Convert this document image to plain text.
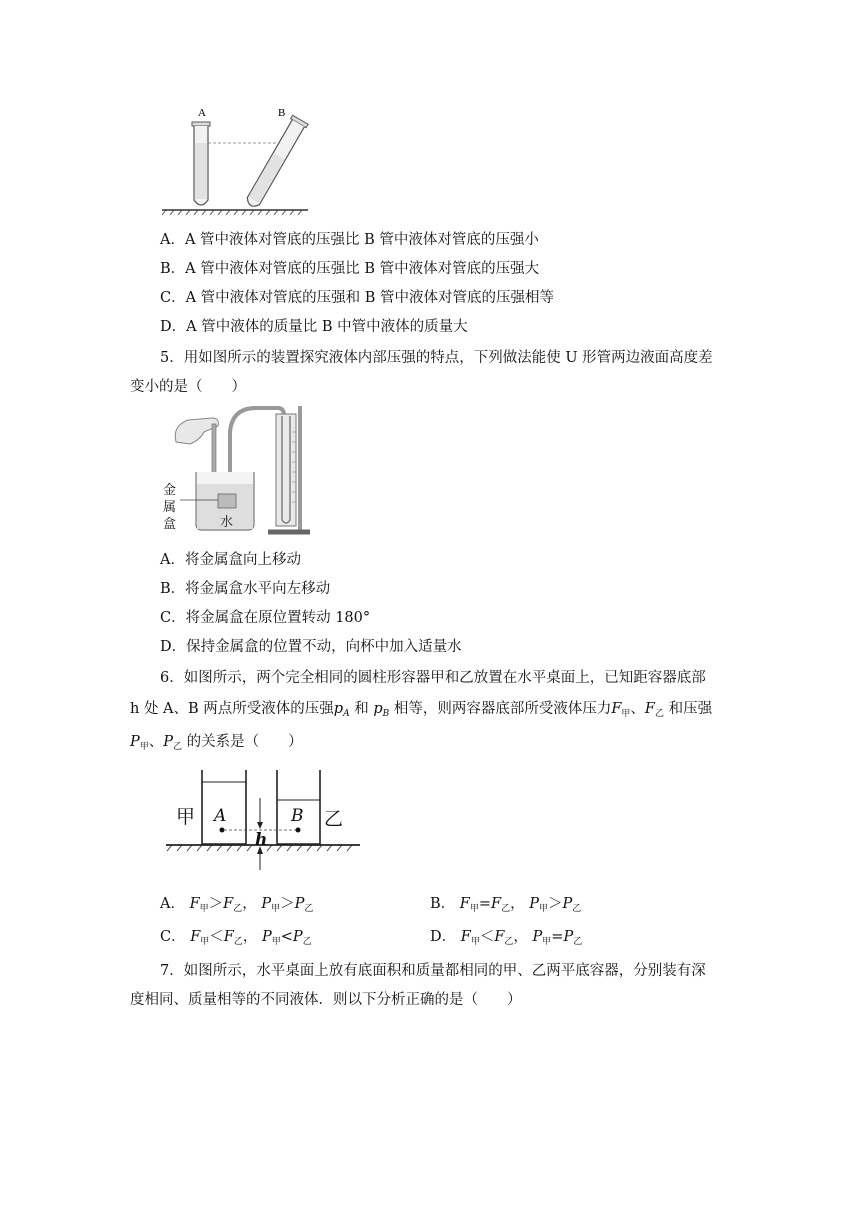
A	B
A．A 管中液体对管底的压强比 B 管中液体对管底的压强小
B．A 管中液体对管底的压强比 B 管中液体对管底的压强大
C．A 管中液体对管底的压强和 B 管中液体对管底的压强相等
D．A 管中液体的质量比 B 中管中液体的质量大
5．用如图所示的装置探究液体内部压强的特点，下列做法能使 U 形管两边液面高度差
变小的是（　　）
水
金
属
盒
A．将金属盒向上移动
B．将金属盒水平向左移动
C．将金属盒在原位置转动 180°
D．保持金属盒的位置不动，向杯中加入适量水
6．如图所示，两个完全相同的圆柱形容器甲和乙放置在水平桌面上，已知距容器底部
h 处 A、B 两点所受液体的压强$p_A$ 和 $p_B$ 相等，则两容器底部所受液体压力$F_甲$、$F_乙$ 和压强
$P_甲$、$P_乙$ 的关系是（　　）
甲	乙
A	B
h
A． $F_甲>F_乙$， $P_甲>P_乙$	B． $F_甲=F_乙$， $P_甲>P_乙$
C． $F_甲<F_乙$， $P_甲<P_乙$	D． $F_甲<F_乙$， $P_甲=P_乙$
7．如图所示，水平桌面上放有底面积和质量都相同的甲、乙两平底容器，分别装有深
度相同、质量相等的不同液体．则以下分析正确的是（　　）
